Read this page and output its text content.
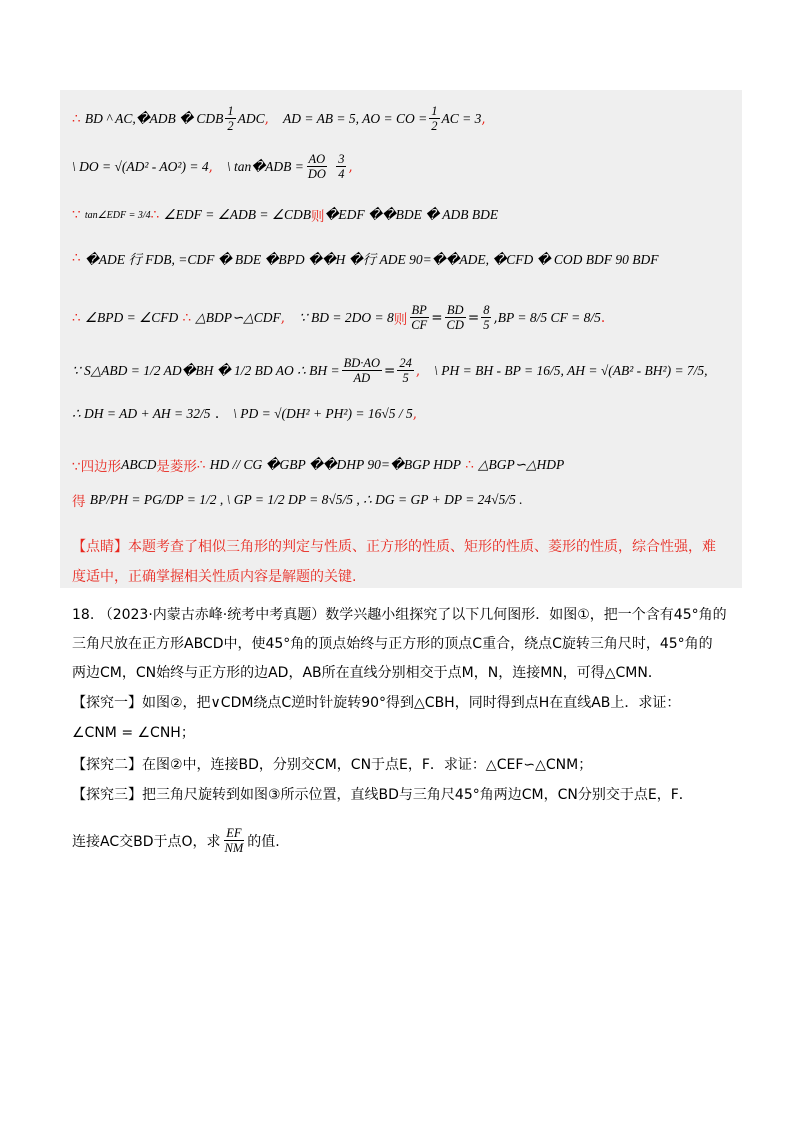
∴
BD ^ AC,�ADB � CDB $\frac{1}{2}$ ADC , AD = AB = 5, AO = CO = $\frac{1}{2}$ AC = 3 ,
\ DO = √(AD² - AO²) = 4 , \ tan�ADB = $\frac{AO}{DO}$
$\frac{3}{4}$ ,
∵
tan∠EDF = 3/4 ∴
∠EDF = ∠ADB = ∠CDB 则 �EDF ��BDE � ADB BDE
∴
�ADE 行 FDB, =CDF � BDE �BPD ��H �行 ADE 90=��ADE, �CFD � COD BDF 90 BDF
∴
∠BPD = ∠CFD
∴
△BDP∽△CDF , ∵ BD = 2DO = 8 则 $\frac{BP}{CF} = \frac{BD}{CD} = \frac{8}{5}$ , BP = 8/5 CF = 8/5 .
∵ S△ABD = 1/2 AD�BH � 1/2 BD AO ∴ BH = $\frac{BD\cdot AO}{AD} = \frac{24}{5}$ , \ PH = BH - BP = 16/5, AH = √(AB² - BH²) = 7/5,
∴ DH = AD + AH = 32/5 . \ PD = √(DH² + PH²) = 16√5 / 5 ,
∵四边形 ABCD 是菱形 ∴
HD // CG �GBP ��DHP 90=�BGP HDP
∴
△BGP∽△HDP
得
BP/PH = PG/DP = 1/2 , \ GP = 1/2 DP = 8√5/5 , ∴ DG = GP + DP = 24√5/5 .
【点睛】本题考查了相似三角形的判定与性质、正方形的性质、矩形的性质、菱形的性质，综合性强，难
度适中，正确掌握相关性质内容是解题的关键.
18. （2023·内蒙古赤峰·统考中考真题）数学兴趣小组探究了以下几何图形．如图①，把一个含有45°角的
三角尺放在正方形ABCD中，使45°角的顶点始终与正方形的顶点C重合，绕点C旋转三角尺时，45°角的
两边CM，CN始终与正方形的边AD，AB所在直线分别相交于点M，N，连接MN，可得△CMN．
【探究一】如图②，把∨CDM绕点C逆时针旋转90°得到△CBH，同时得到点H在直线AB上．求证：
∠CNM = ∠CNH；
【探究二】在图②中，连接BD，分别交CM，CN于点E，F．求证：△CEF∽△CNM；
【探究三】把三角尺旋转到如图③所示位置，直线BD与三角尺45°角两边CM，CN分别交于点E，F．
连接AC交BD于点O，求 $\frac{EF}{NM}$ 的值.
